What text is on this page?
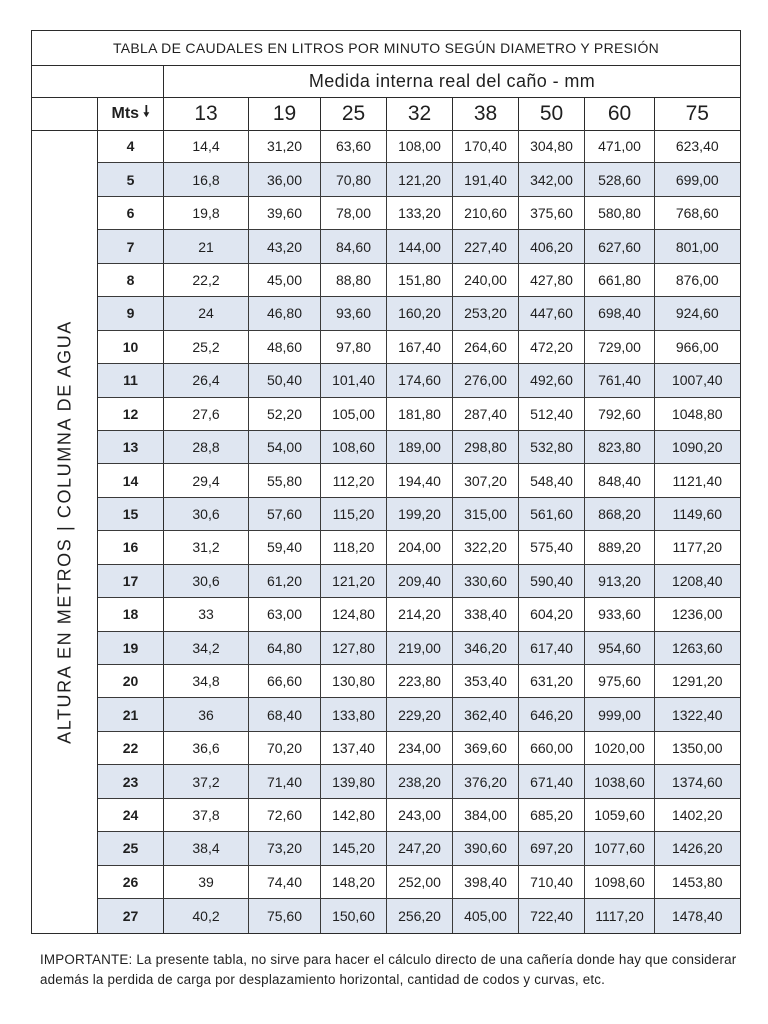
TABLA DE CAUDALES EN LITROS POR MINUTO SEGÚN DIAMETRO Y PRESIÓN
Medida interna real del caño - mm
Mts 🠗	13	19	25	32	38	50	60	75
ALTURA EN METROS | COLUMNA DE AGUA
4	14,4	31,20	63,60	108,00	170,40	304,80	471,00	623,40
5	16,8	36,00	70,80	121,20	191,40	342,00	528,60	699,00
6	19,8	39,60	78,00	133,20	210,60	375,60	580,80	768,60
7	21	43,20	84,60	144,00	227,40	406,20	627,60	801,00
8	22,2	45,00	88,80	151,80	240,00	427,80	661,80	876,00
9	24	46,80	93,60	160,20	253,20	447,60	698,40	924,60
10	25,2	48,60	97,80	167,40	264,60	472,20	729,00	966,00
11	26,4	50,40	101,40	174,60	276,00	492,60	761,40	1007,40
12	27,6	52,20	105,00	181,80	287,40	512,40	792,60	1048,80
13	28,8	54,00	108,60	189,00	298,80	532,80	823,80	1090,20
14	29,4	55,80	112,20	194,40	307,20	548,40	848,40	1121,40
15	30,6	57,60	115,20	199,20	315,00	561,60	868,20	1149,60
16	31,2	59,40	118,20	204,00	322,20	575,40	889,20	1177,20
17	30,6	61,20	121,20	209,40	330,60	590,40	913,20	1208,40
18	33	63,00	124,80	214,20	338,40	604,20	933,60	1236,00
19	34,2	64,80	127,80	219,00	346,20	617,40	954,60	1263,60
20	34,8	66,60	130,80	223,80	353,40	631,20	975,60	1291,20
21	36	68,40	133,80	229,20	362,40	646,20	999,00	1322,40
22	36,6	70,20	137,40	234,00	369,60	660,00	1020,00	1350,00
23	37,2	71,40	139,80	238,20	376,20	671,40	1038,60	1374,60
24	37,8	72,60	142,80	243,00	384,00	685,20	1059,60	1402,20
25	38,4	73,20	145,20	247,20	390,60	697,20	1077,60	1426,20
26	39	74,40	148,20	252,00	398,40	710,40	1098,60	1453,80
27	40,2	75,60	150,60	256,20	405,00	722,40	1117,20	1478,40
IMPORTANTE: La presente tabla, no sirve para hacer el cálculo directo de una cañería donde hay que considerar además la perdida de carga por desplazamiento horizontal, cantidad de codos y curvas, etc.
